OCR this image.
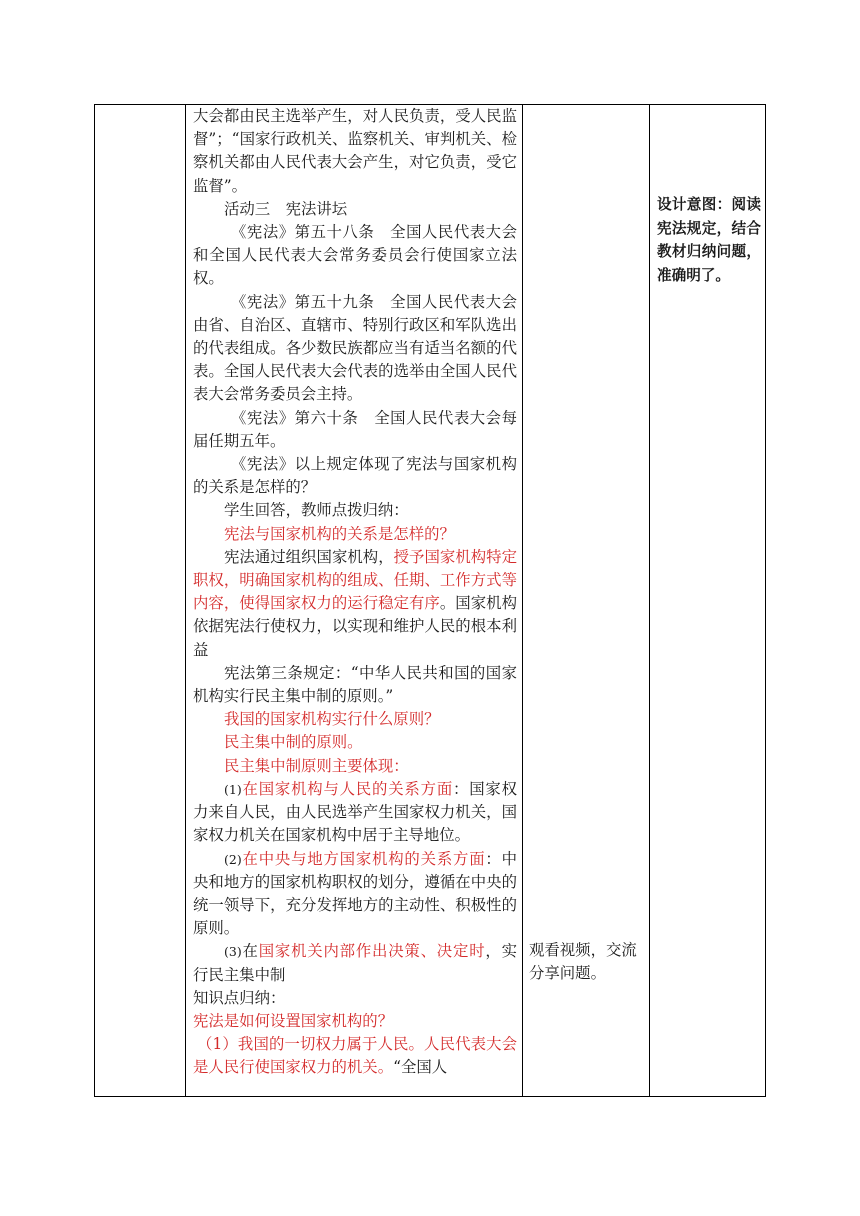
大会都由民主选举产生，对人民负责，受人民监督”；“国家行政机关、监察机关、审判机关、检察机关都由人民代表大会产生，对它负责，受它监督”。

活动三　宪法讲坛

《宪法》第五十八条　全国人民代表大会和全国人民代表大会常务委员会行使国家立法权。

《宪法》第五十九条　全国人民代表大会由省、自治区、直辖市、特别行政区和军队选出的代表组成。各少数民族都应当有适当名额的代表。全国人民代表大会代表的选举由全国人民代表大会常务委员会主持。

《宪法》第六十条　全国人民代表大会每届任期五年。

《宪法》以上规定体现了宪法与国家机构的关系是怎样的？

学生回答，教师点拨归纳：

宪法与国家机构的关系是怎样的？

宪法通过组织国家机构，授予国家机构特定职权，明确国家机构的组成、任期、工作方式等内容，使得国家权力的运行稳定有序。国家机构依据宪法行使权力，以实现和维护人民的根本利益

宪法第三条规定：“中华人民共和国的国家机构实行民主集中制的原则。”

我国的国家机构实行什么原则？

民主集中制的原则。

民主集中制原则主要体现：

(1)在国家机构与人民的关系方面：国家权力来自人民，由人民选举产生国家权力机关，国家权力机关在国家机构中居于主导地位。

(2)在中央与地方国家机构的关系方面：中央和地方的国家机构职权的划分，遵循在中央的统一领导下，充分发挥地方的主动性、积极性的原则。

(3)在国家机关内部作出决策、决定时，实行民主集中制

知识点归纳：

宪法是如何设置国家机构的？

（1）我国的一切权力属于人民。人民代表大会是人民行使国家权力的机关。“全国人

观看视频，交流分享问题。

设计意图：阅读宪法规定，结合教材归纳问题，准确明了。
